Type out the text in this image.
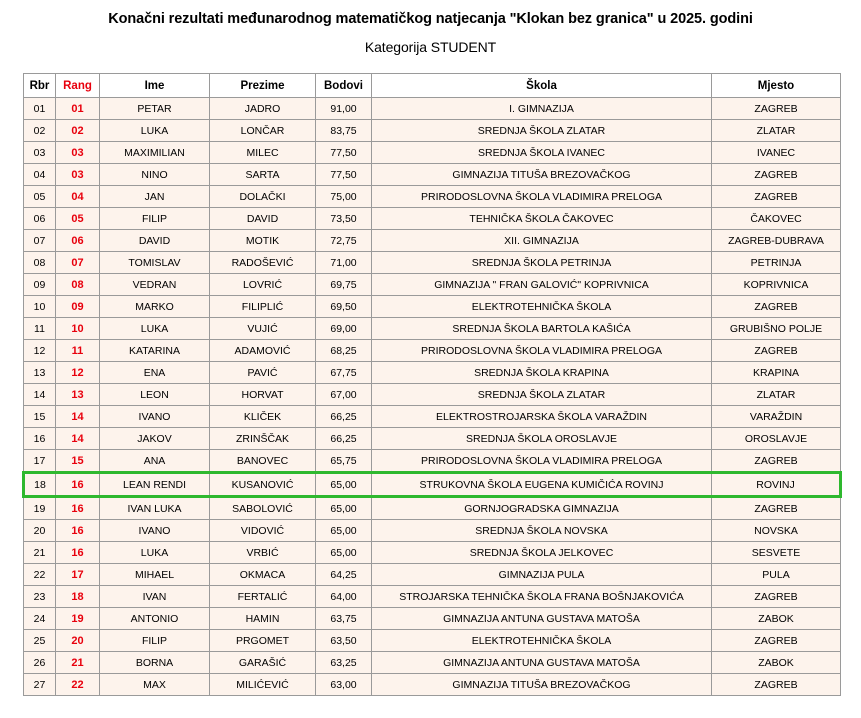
Konačni rezultati međunarodnog matematičkog natjecanja "Klokan bez granica" u 2025. godini
Kategorija STUDENT
Rbr	Rang	Ime	Prezime	Bodovi	Škola	Mjesto
01	01	PETAR	JADRO	91,00	I. GIMNAZIJA	ZAGREB
02	02	LUKA	LONČAR	83,75	SREDNJA ŠKOLA ZLATAR	ZLATAR
03	03	MAXIMILIAN	MILEC	77,50	SREDNJA ŠKOLA IVANEC	IVANEC
04	03	NINO	SARTA	77,50	GIMNAZIJA TITUŠA BREZOVAČKOG	ZAGREB
05	04	JAN	DOLAČKI	75,00	PRIRODOSLOVNA ŠKOLA VLADIMIRA PRELOGA	ZAGREB
06	05	FILIP	DAVID	73,50	TEHNIČKA ŠKOLA ČAKOVEC	ČAKOVEC
07	06	DAVID	MOTIK	72,75	XII. GIMNAZIJA	ZAGREB-DUBRAVA
08	07	TOMISLAV	RADOŠEVIĆ	71,00	SREDNJA ŠKOLA PETRINJA	PETRINJA
09	08	VEDRAN	LOVRIĆ	69,75	GIMNAZIJA " FRAN GALOVIĆ" KOPRIVNICA	KOPRIVNICA
10	09	MARKO	FILIPLIĆ	69,50	ELEKTROTEHNIČKA ŠKOLA	ZAGREB
11	10	LUKA	VUJIĆ	69,00	SREDNJA ŠKOLA BARTOLA KAŠIĆA	GRUBIŠNO POLJE
12	11	KATARINA	ADAMOVIĆ	68,25	PRIRODOSLOVNA ŠKOLA VLADIMIRA PRELOGA	ZAGREB
13	12	ENA	PAVIĆ	67,75	SREDNJA ŠKOLA KRAPINA	KRAPINA
14	13	LEON	HORVAT	67,00	SREDNJA ŠKOLA ZLATAR	ZLATAR
15	14	IVANO	KLIČEK	66,25	ELEKTROSTROJARSKA ŠKOLA VARAŽDIN	VARAŽDIN
16	14	JAKOV	ZRINŠČAK	66,25	SREDNJA ŠKOLA OROSLAVJE	OROSLAVJE
17	15	ANA	BANOVEC	65,75	PRIRODOSLOVNA ŠKOLA VLADIMIRA PRELOGA	ZAGREB
18	16	LEAN RENDI	KUSANOVIĆ	65,00	STRUKOVNA ŠKOLA EUGENA KUMIČIĆA ROVINJ	ROVINJ
19	16	IVAN LUKA	SABOLOVIĆ	65,00	GORNJOGRADSKA GIMNAZIJA	ZAGREB
20	16	IVANO	VIDOVIĆ	65,00	SREDNJA ŠKOLA NOVSKA	NOVSKA
21	16	LUKA	VRBIĆ	65,00	SREDNJA ŠKOLA JELKOVEC	SESVETE
22	17	MIHAEL	OKMACA	64,25	GIMNAZIJA PULA	PULA
23	18	IVAN	FERTALIĆ	64,00	STROJARSKA TEHNIČKA ŠKOLA FRANA BOŠNJAKOVIĆA	ZAGREB
24	19	ANTONIO	HAMIN	63,75	GIMNAZIJA ANTUNA GUSTAVA MATOŠA	ZABOK
25	20	FILIP	PRGOMET	63,50	ELEKTROTEHNIČKA ŠKOLA	ZAGREB
26	21	BORNA	GARAŠIĆ	63,25	GIMNAZIJA ANTUNA GUSTAVA MATOŠA	ZABOK
27	22	MAX	MILIĆEVIĆ	63,00	GIMNAZIJA TITUŠA BREZOVAČKOG	ZAGREB
